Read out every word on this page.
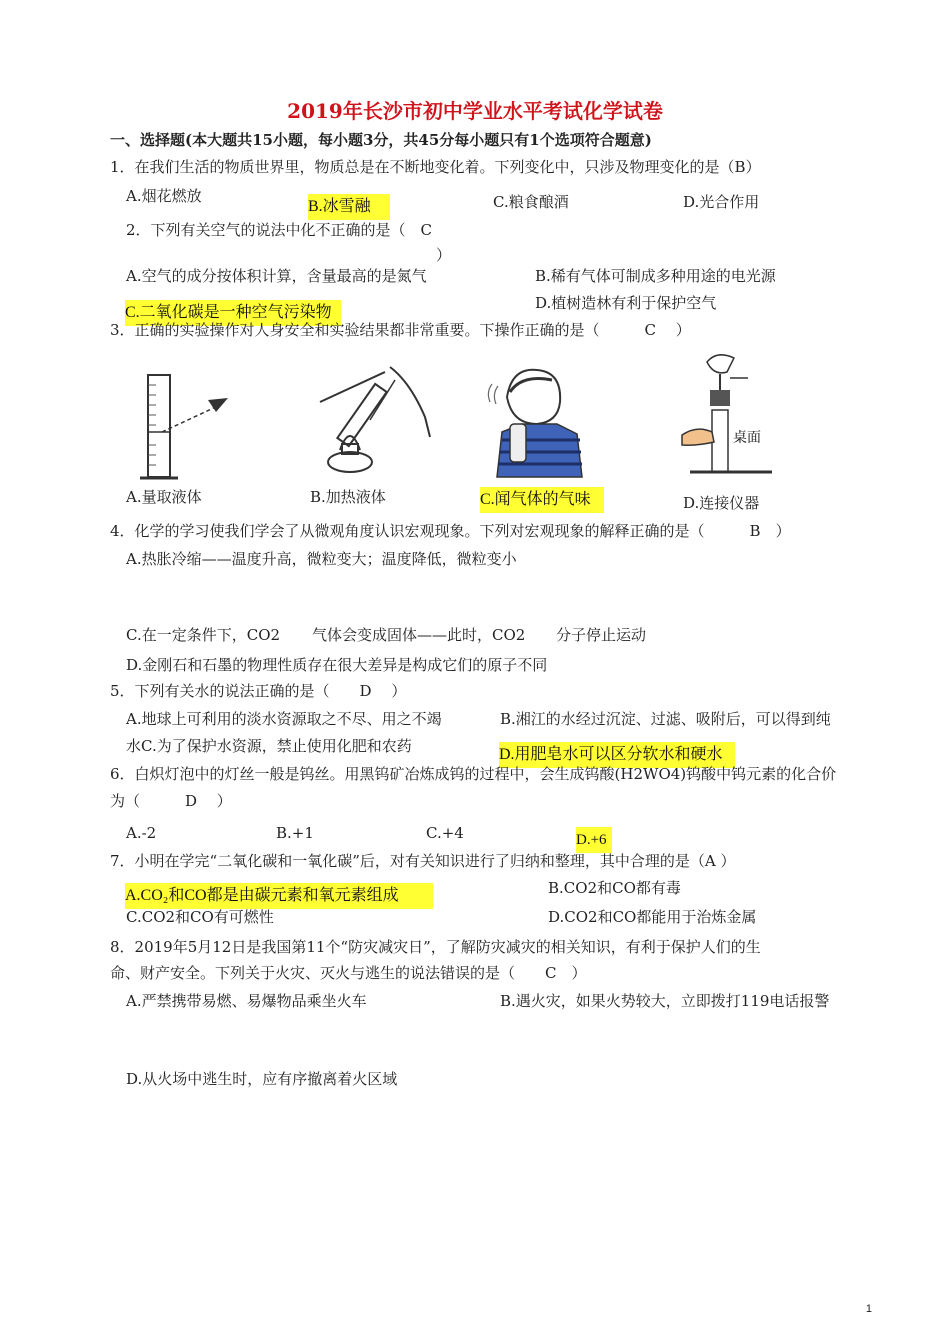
2019年长沙市初中学业水平考试化学试卷
一、选择题(本大题共15小题，每小题3分，共45分每小题只有1个选项符合题意)
1．在我们生活的物质世界里，物质总是在不断地变化着。下列变化中，只涉及物理变化的是（B）
A.烟花燃放
B.冰雪融	C.粮食酿酒	D.光合作用
2．下列有关空气的说法中化不正确的是（　C
）
A.空气的成分按体积计算，含量最高的是氮气	B.稀有气体可制成多种用途的电光源
C.二氧化碳是一种空气污染物
D.植树造林有利于保护空气
3．正确的实验操作对人身安全和实验结果都非常重要。下操作正确的是（　　　C　 ）
桌面
A.量取液体	B.加热液体	C.闻气体的气味	D.连接仪器
4．化学的学习使我们学会了从微观角度认识宏观现象。下列对宏观现象的解释正确的是（　　　B　）
A.热胀冷缩——温度升高，微粒变大；温度降低，微粒变小
C.在一定条件下，CO2 气体会变成固体——此时，CO2 分子停止运动
D.金刚石和石墨的物理性质存在很大差异是构成它们的原子不同
5．下列有关水的说法正确的是（　　D　 ）
A.地球上可利用的淡水资源取之不尽、用之不竭	B.湘江的水经过沉淀、过滤、吸附后，可以得到纯
水C.为了保护水资源，禁止使用化肥和农药	D.用肥皂水可以区分软水和硬水
6．白炽灯泡中的灯丝一般是钨丝。用黑钨矿冶炼成钨的过程中，会生成钨酸(H2WO4)钨酸中钨元素的化合价
为（　　　D　 ）
A.-2	B.+1	C.+4	D.+6
7．小明在学完“二氧化碳和一氧化碳”后，对有关知识进行了归纳和整理，其中合理的是（A ）
A.CO₂和CO都是由碳元素和氧元素组成	B.CO2和CO都有毒
C.CO2和CO有可燃性	D.CO2和CO都能用于治炼金属
8．2019年5月12日是我国第11个“防灾减灾日”，了解防灾减灾的相关知识，有利于保护人们的生
命、财产安全。下列关于火灾、灭火与逃生的说法错误的是（　　C　）
A.严禁携带易燃、易爆物品乘坐火车	B.遇火灾，如果火势较大，立即拨打119电话报警
D.从火场中逃生时，应有序撤离着火区域
1
